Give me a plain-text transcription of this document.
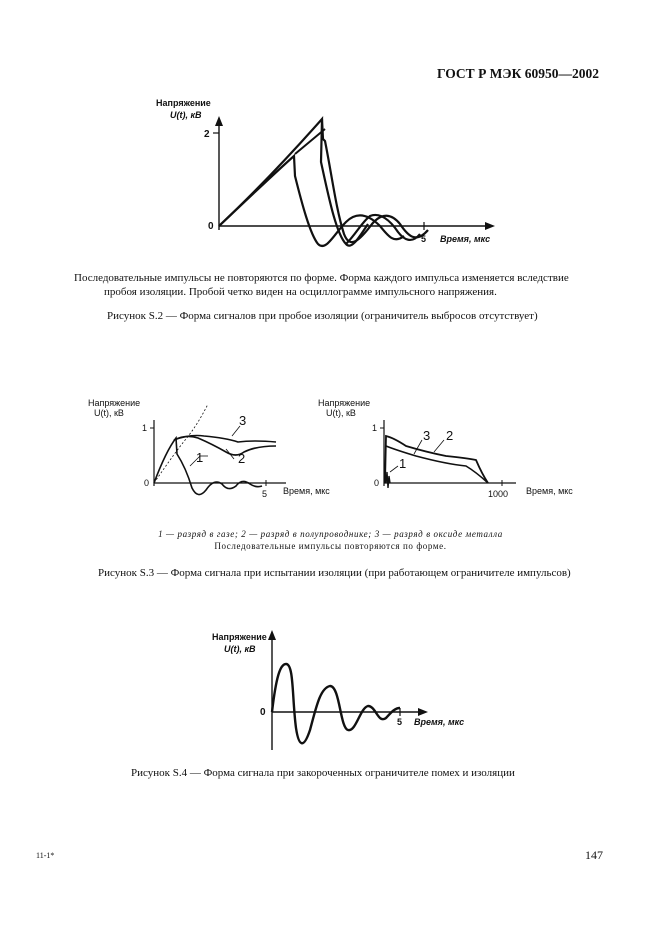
ГОСТ Р МЭК 60950—2002
Напряжение
U(t), кВ
2
0
5 Время, мкс
Последовательные импульсы не повторяются по форме. Форма каждого импульса изменяется вследствие
пробоя изоляции. Пробой четко виден на осциллограмме импульсного напряжения.
Рисунок S.2 — Форма сигналов при пробое изоляции (ограничитель выбросов отсутствует)
Напряжение
U(t), кВ
1
0
5
1	2
3
Время, мкс
Напряжение
U(t), кВ
1
0
1000
1
2
3
Время, мкс
1 — разряд в газе; 2 — разряд в полупроводнике; 3 — разряд в оксиде металла
Последовательные импульсы повторяются по форме.
Рисунок S.3 — Форма сигнала при испытании изоляции (при работающем ограничителе импульсов)
Напряжение
U(t), кВ
0
5 Время, мкс
Рисунок S.4 — Форма сигнала при закороченных ограничителе помех и изоляции
11-1*	147
